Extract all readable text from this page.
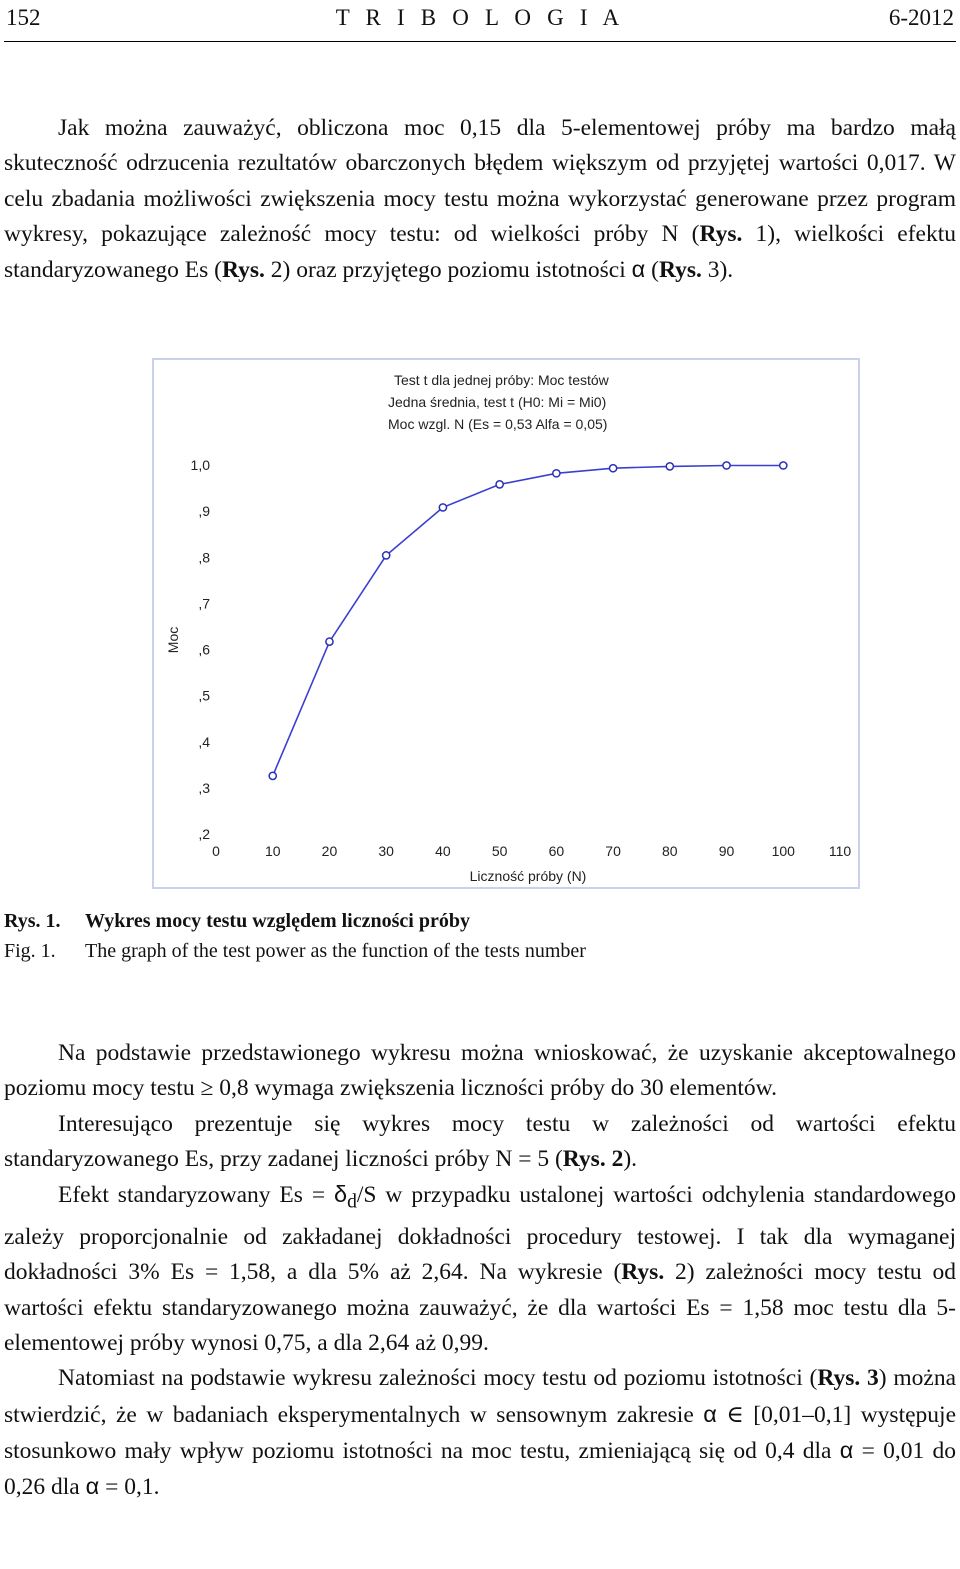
152	T R I B O L O G I A	6-2012

Jak można zauważyć, obliczona moc 0,15 dla 5-elementowej próby ma bardzo małą skuteczność odrzucenia rezultatów obarczonych błędem większym od przyjętej wartości 0,017. W celu zbadania możliwości zwiększenia mocy testu można wykorzystać generowane przez program wykresy, pokazujące zależność mocy testu: od wielkości próby N (Rys. 1), wielkości efektu standaryzowanego Es (Rys. 2) oraz przyjętego poziomu istotności α (Rys. 3).

Test t dla jednej próby: Moc testów
Jedna średnia, test t (H0: Mi = Mi0)
Moc wzgl. N (Es = 0,53 Alfa = 0,05)
Moc
Liczność próby (N)
1,0
,9
,8
,7
,6
,5
,4
,3
,2
0	10	20	30	40	50	60	70	80	90	100 110
Rys. 1. Wykres mocy testu względem liczności próby
Fig. 1. The graph of the test power as the function of the tests number

Na podstawie przedstawionego wykresu można wnioskować, że uzyskanie akceptowalnego poziomu mocy testu ≥ 0,8 wymaga zwiększenia liczności próby do 30 elementów.

Interesująco prezentuje się wykres mocy testu w zależności od wartości efektu standaryzowanego Es, przy zadanej liczności próby N = 5 (Rys. 2).

Efekt standaryzowany $Es = \delta_d/S$ w przypadku ustalonej wartości odchylenia standardowego zależy proporcjonalnie od zakładanej dokładności procedury testowej. I tak dla wymaganej dokładności 3% Es = 1,58, a dla 5% aż 2,64. Na wykresie (Rys. 2) zależności mocy testu od wartości efektu standaryzowanego można zauważyć, że dla wartości Es = 1,58 moc testu dla 5-elementowej próby wynosi 0,75, a dla 2,64 aż 0,99.

Natomiast na podstawie wykresu zależności mocy testu od poziomu istotności (Rys. 3) można stwierdzić, że w badaniach eksperymentalnych w sensownym zakresie α ∈ [0,01–0,1] występuje stosunkowo mały wpływ poziomu istotności na moc testu, zmieniającą się od 0,4 dla α = 0,01 do 0,26 dla α = 0,1.
